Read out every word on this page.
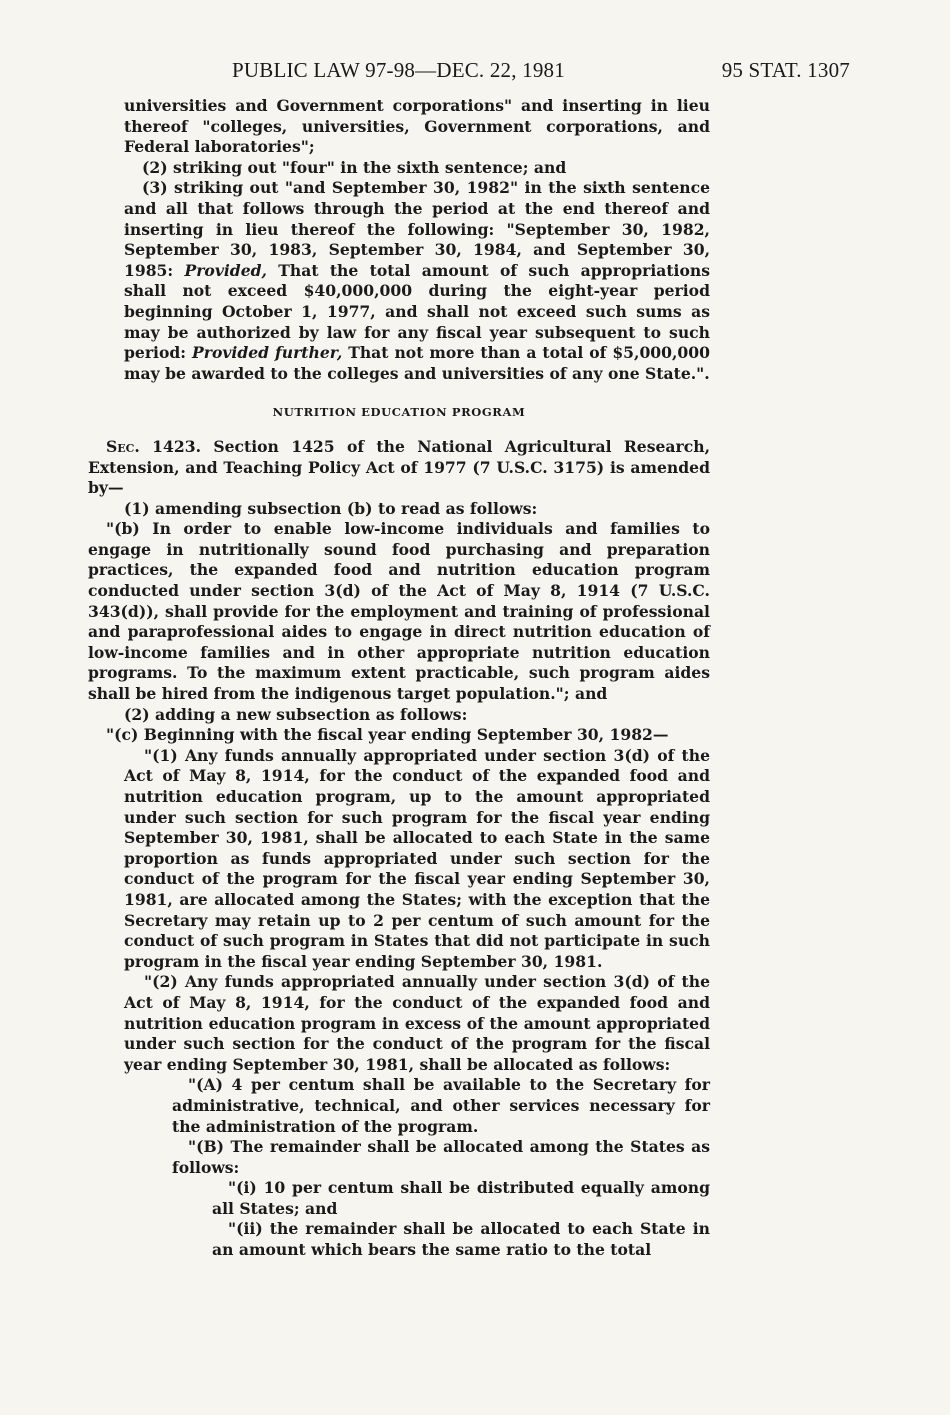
PUBLIC LAW 97-98—DEC. 22, 1981	95 STAT. 1307

universities and Government corporations" and inserting in lieu thereof "colleges, universities, Government corporations, and Federal laboratories";

(2) striking out "four" in the sixth sentence; and

(3) striking out "and September 30, 1982" in the sixth sentence and all that follows through the period at the end thereof and inserting in lieu thereof the following: "September 30, 1982, September 30, 1983, September 30, 1984, and September 30, 1985: Provided, That the total amount of such appropriations shall not exceed $40,000,000 during the eight-year period beginning October 1, 1977, and shall not exceed such sums as may be authorized by law for any fiscal year subsequent to such period: Provided further, That not more than a total of $5,000,000 may be awarded to the colleges and universities of any one State.".

NUTRITION EDUCATION PROGRAM

Sec. 1423. Section 1425 of the National Agricultural Research, Extension, and Teaching Policy Act of 1977 (7 U.S.C. 3175) is amended by—

(1) amending subsection (b) to read as follows:

"(b) In order to enable low-income individuals and families to engage in nutritionally sound food purchasing and preparation practices, the expanded food and nutrition education program conducted under section 3(d) of the Act of May 8, 1914 (7 U.S.C. 343(d)), shall provide for the employment and training of professional and paraprofessional aides to engage in direct nutrition education of low-income families and in other appropriate nutrition education programs. To the maximum extent practicable, such program aides shall be hired from the indigenous target population."; and

(2) adding a new subsection as follows:

"(c) Beginning with the fiscal year ending September 30, 1982—

"(1) Any funds annually appropriated under section 3(d) of the Act of May 8, 1914, for the conduct of the expanded food and nutrition education program, up to the amount appropriated under such section for such program for the fiscal year ending September 30, 1981, shall be allocated to each State in the same proportion as funds appropriated under such section for the conduct of the program for the fiscal year ending September 30, 1981, are allocated among the States; with the exception that the Secretary may retain up to 2 per centum of such amount for the conduct of such program in States that did not participate in such program in the fiscal year ending September 30, 1981.

"(2) Any funds appropriated annually under section 3(d) of the Act of May 8, 1914, for the conduct of the expanded food and nutrition education program in excess of the amount appropriated under such section for the conduct of the program for the fiscal year ending September 30, 1981, shall be allocated as follows:

"(A) 4 per centum shall be available to the Secretary for administrative, technical, and other services necessary for the administration of the program.

"(B) The remainder shall be allocated among the States as follows:

"(i) 10 per centum shall be distributed equally among all States; and

"(ii) the remainder shall be allocated to each State in an amount which bears the same ratio to the total
